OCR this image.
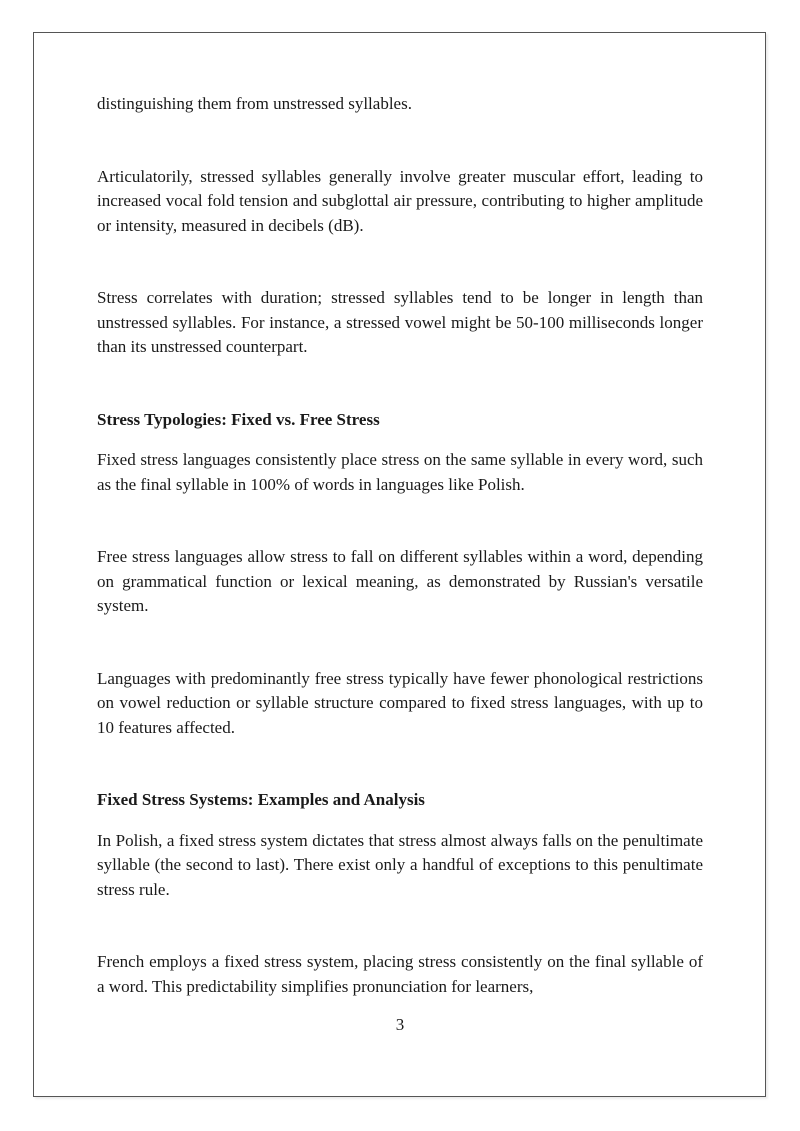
distinguishing them from unstressed syllables.

Articulatorily, stressed syllables generally involve greater muscular effort, leading to increased vocal fold tension and subglottal air pressure, contributing to higher amplitude or intensity, measured in decibels (dB).

Stress correlates with duration; stressed syllables tend to be longer in length than unstressed syllables. For instance, a stressed vowel might be 50-100 milliseconds longer than its unstressed counterpart.

Stress Typologies: Fixed vs. Free Stress

Fixed stress languages consistently place stress on the same syllable in every word, such as the final syllable in 100% of words in languages like Polish.

Free stress languages allow stress to fall on different syllables within a word, depending on grammatical function or lexical meaning, as demonstrated by Russian's versatile system.

Languages with predominantly free stress typically have fewer phonological restrictions on vowel reduction or syllable structure compared to fixed stress languages, with up to 10 features affected.

Fixed Stress Systems: Examples and Analysis

In Polish, a fixed stress system dictates that stress almost always falls on the penultimate syllable (the second to last). There exist only a handful of exceptions to this penultimate stress rule.

French employs a fixed stress system, placing stress consistently on the final syllable of a word. This predictability simplifies pronunciation for learners,

3
